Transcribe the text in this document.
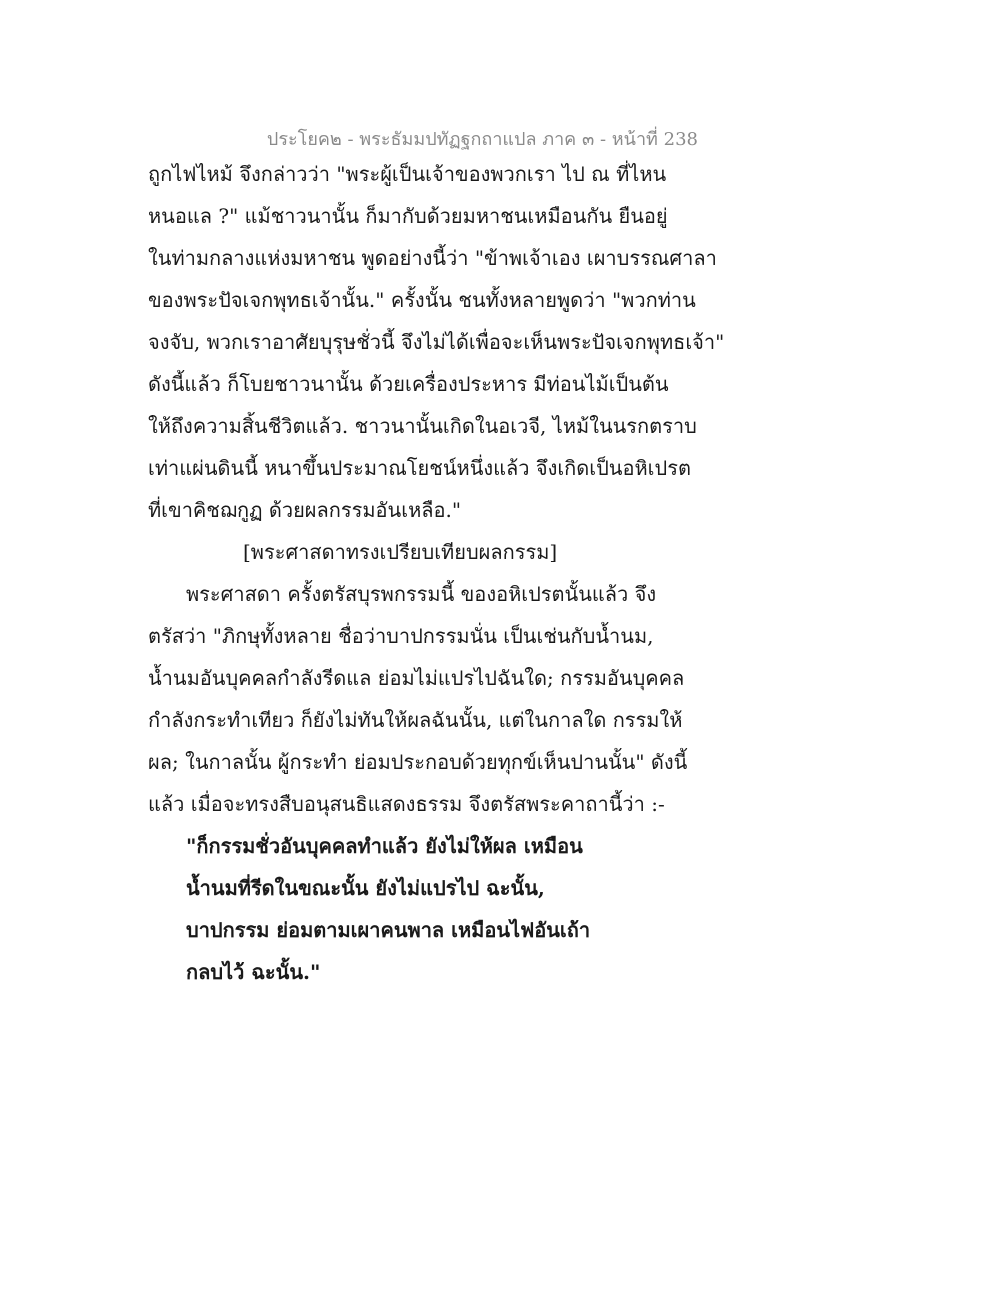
ประโยค๒ - พระธัมมปทัฏฐกถาแปล ภาค ๓ - หน้าที่ 238
ถูกไฟไหม้ จึงกล่าวว่า "พระผู้เป็นเจ้าของพวกเรา ไป ณ ที่ไหน
หนอแล ?" แม้ชาวนานั้น ก็มากับด้วยมหาชนเหมือนกัน ยืนอยู่
ในท่ามกลางแห่งมหาชน พูดอย่างนี้ว่า "ข้าพเจ้าเอง เผาบรรณศาลา
ของพระปัจเจกพุทธเจ้านั้น." ครั้งนั้น ชนทั้งหลายพูดว่า "พวกท่าน
จงจับ, พวกเราอาศัยบุรุษชั่วนี้ จึงไม่ได้เพื่อจะเห็นพระปัจเจกพุทธเจ้า"
ดังนี้แล้ว ก็โบยชาวนานั้น ด้วยเครื่องประหาร มีท่อนไม้เป็นต้น
ให้ถึงความสิ้นชีวิตแล้ว. ชาวนานั้นเกิดในอเวจี, ไหม้ในนรกตราบ
เท่าแผ่นดินนี้ หนาขึ้นประมาณโยชน์หนึ่งแล้ว จึงเกิดเป็นอหิเปรต
ที่เขาคิชฌกูฏ ด้วยผลกรรมอันเหลือ."
[พระศาสดาทรงเปรียบเทียบผลกรรม]
พระศาสดา ครั้งตรัสบุรพกรรมนี้ ของอหิเปรตนั้นแล้ว จึง
ตรัสว่า "ภิกษุทั้งหลาย ชื่อว่าบาปกรรมนั่น เป็นเช่นกับน้ำนม,
น้ำนมอันบุคคลกำลังรีดแล ย่อมไม่แปรไปฉันใด; กรรมอันบุคคล
กำลังกระทำเทียว ก็ยังไม่ทันให้ผลฉันนั้น, แต่ในกาลใด กรรมให้
ผล; ในกาลนั้น ผู้กระทำ ย่อมประกอบด้วยทุกข์เห็นปานนั้น" ดังนี้
แล้ว เมื่อจะทรงสืบอนุสนธิแสดงธรรม จึงตรัสพระคาถานี้ว่า :-
"ก็กรรมชั่วอันบุคคลทำแล้ว ยังไม่ให้ผล เหมือน
น้ำนมที่รีดในขณะนั้น ยังไม่แปรไป ฉะนั้น,
บาปกรรม ย่อมตามเผาคนพาล เหมือนไฟอันเถ้า
กลบไว้ ฉะนั้น."
